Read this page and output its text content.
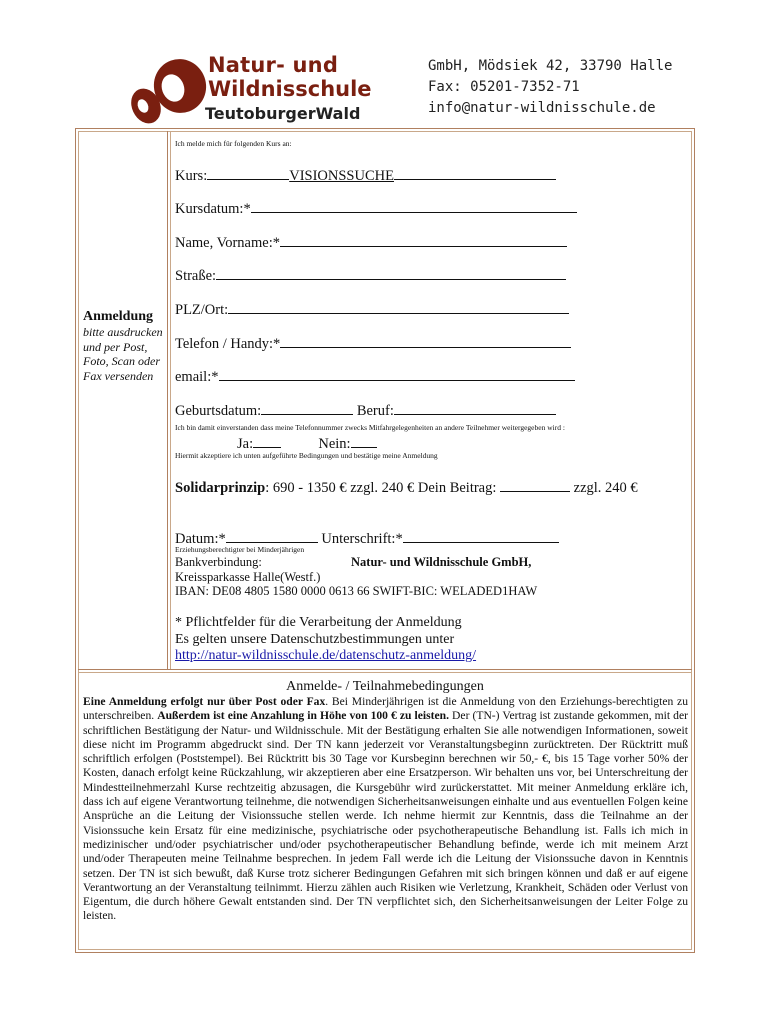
Natur- und
Wildnisschule
TeutoburgerWald
GmbH, Mödsiek 42, 33790 Halle
Fax: 05201-7352-71
info@natur-wildnisschule.de
Anmeldung
bitte ausdrucken und per Post, Foto, Scan oder Fax versenden
Ich melde mich für folgenden Kurs an:
Kurs:	VISIONSSUCHE
Kursdatum:*
Name, Vorname:*
Straße:
PLZ/Ort:
Telefon / Handy:*
email:*
Geburtsdatum:	Beruf:
Ich bin damit einverstanden dass meine Telefonnummer zwecks Mitfahrgelegenheiten an andere Teilnehmer weitergegeben wird :
Ja:	Nein:
Hiermit akzeptiere ich unten aufgeführte Bedingungen und bestätige meine Anmeldung
Solidarprinzip: 690 - 1350 € zzgl. 240 € Dein Beitrag:	zzgl. 240 €
Datum:*	Unterschrift:*
Erziehungsberechtigter bei Minderjährigen
Bankverbindung:	Natur- und Wildnisschule GmbH,
Kreissparkasse Halle(Westf.)
IBAN: DE08 4805 1580 0000 0613 66 SWIFT-BIC: WELADED1HAW
* Pflichtfelder für die Verarbeitung der Anmeldung
Es gelten unsere Datenschutzbestimmungen unter
http://natur-wildnisschule.de/datenschutz-anmeldung/
Anmelde- / Teilnahmebedingungen
Eine Anmeldung erfolgt nur über Post oder Fax. Bei Minderjährigen ist die Anmeldung von den Erziehungs-berechtigten zu unterschreiben. Außerdem ist eine Anzahlung in Höhe von 100 € zu leisten. Der (TN-) Vertrag ist zustande gekommen, mit der schriftlichen Bestätigung der Natur- und Wildnisschule. Mit der Bestätigung erhalten Sie alle notwendigen Informationen, soweit diese nicht im Programm abgedruckt sind. Der TN kann jederzeit vor Veranstaltungsbeginn zurücktreten. Der Rücktritt muß schriftlich erfolgen (Poststempel). Bei Rücktritt bis 30 Tage vor Kursbeginn berechnen wir 50,- €, bis 15 Tage vorher 50% der Kosten, danach erfolgt keine Rückzahlung, wir akzeptieren aber eine Ersatzperson. Wir behalten uns vor, bei Unterschreitung der Mindestteilnehmerzahl Kurse rechtzeitig abzusagen, die Kursgebühr wird zurückerstattet. Mit meiner Anmeldung erkläre ich, dass ich auf eigene Verantwortung teilnehme, die notwendigen Sicherheitsanweisungen einhalte und aus eventuellen Folgen keine Ansprüche an die Leitung der Visionssuche stellen werde. Ich nehme hiermit zur Kenntnis, dass die Teilnahme an der Visionssuche kein Ersatz für eine medizinische, psychiatrische oder psychotherapeutische Behandlung ist. Falls ich mich in medizinischer und/oder psychiatrischer und/oder psychotherapeutischer Behandlung befinde, werde ich mit meinem Arzt und/oder Therapeuten meine Teilnahme besprechen. In jedem Fall werde ich die Leitung der Visionssuche davon in Kenntnis setzen. Der TN ist sich bewußt, daß Kurse trotz sicherer Bedingungen Gefahren mit sich bringen können und daß er auf eigene Verantwortung an der Veranstaltung teilnimmt. Hierzu zählen auch Risiken wie Verletzung, Krankheit, Schäden oder Verlust von Eigentum, die durch höhere Gewalt entstanden sind. Der TN verpflichtet sich, den Sicherheitsanweisungen der Leiter Folge zu leisten.
